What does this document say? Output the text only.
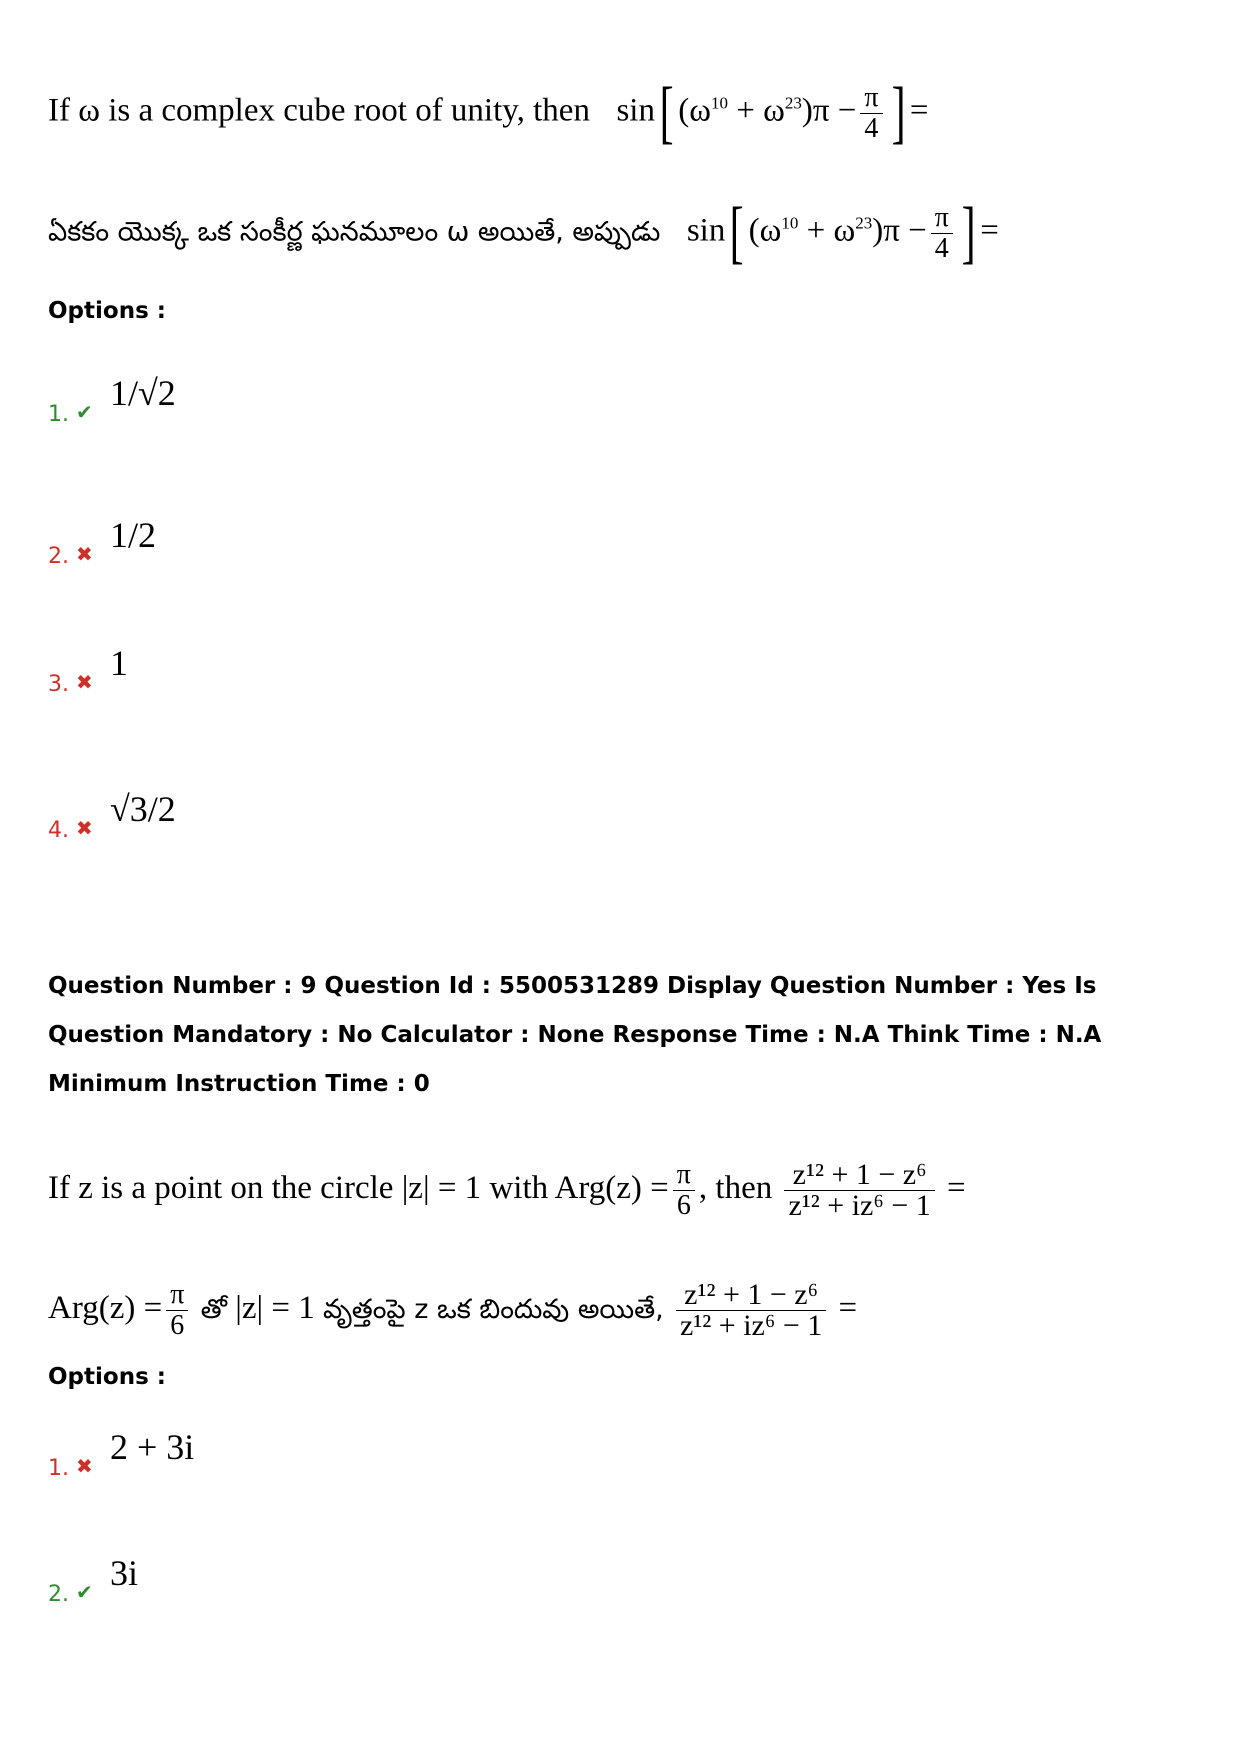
If ω is a complex cube root of unity, then sin[ $(\omega^{10} + \omega^{23})\pi - \frac{\pi}{4}$ ] =
ఏకకం యొక్క ఒక సంకీర్ణ ఘనమూలం ω అయితే, అప్పుడు sin[ $(\omega^{10} + \omega^{23})\pi - \frac{\pi}{4}$ ] =
Options :
1. ✔ 1/√2
2. ✖ 1/2
3. ✖ 1
4. ✖ √3/2
Question Number : 9 Question Id : 5500531289 Display Question Number : Yes Is Question Mandatory : No Calculator : None Response Time : N.A Think Time : N.A Minimum Instruction Time : 0
If z is a point on the circle |z| = 1 with $Arg(z) = \frac{\pi}{6}$ , then $\frac{\text{z¹² + 1 − z⁶}}{\text{z¹² + iz⁶ − 1}}$ =
$Arg(z) = \frac{\pi}{6}$ తో |z| = 1 వృత్తంపై z ఒక బిందువు అయితే, $\frac{\text{z¹² + 1 − z⁶}}{\text{z¹² + iz⁶ − 1}}$ =
Options :
1. ✖ 2 + 3i
2. ✔ 3i
